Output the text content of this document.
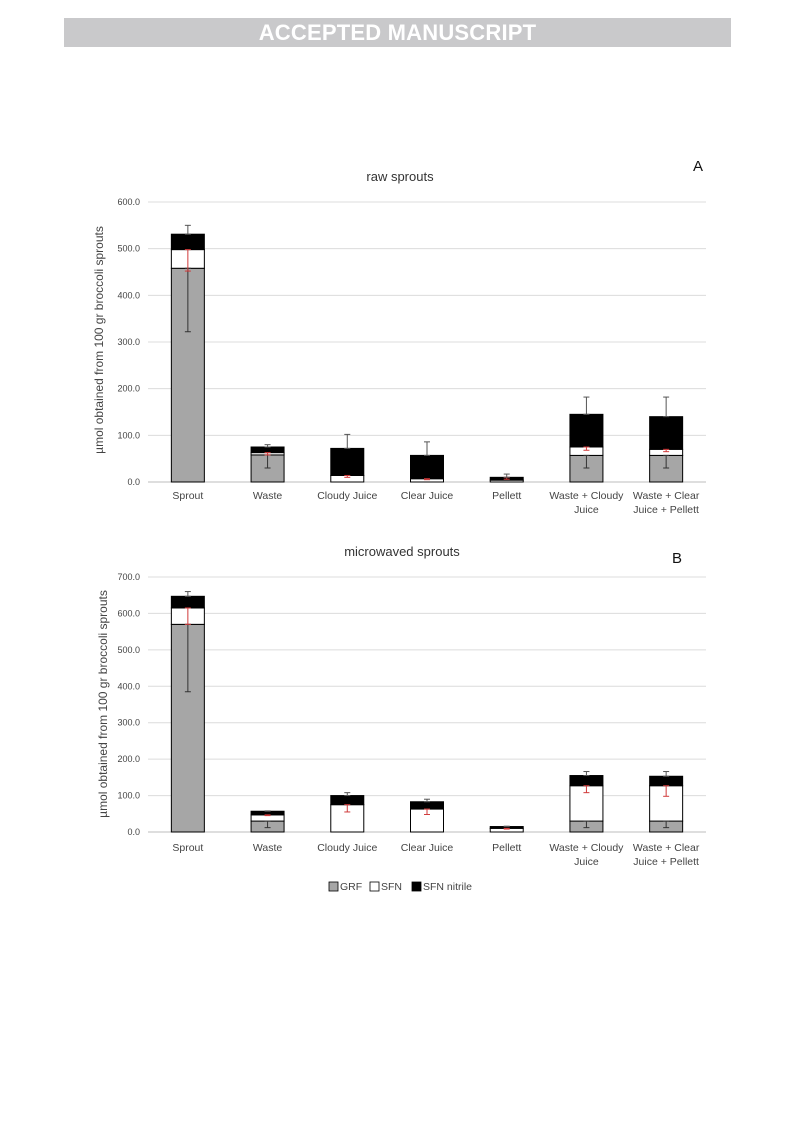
ACCEPTED MANUSCRIPT
raw sprouts
A
µmol obtained from 100 gr broccoli sprouts
0.0
100.0
200.0
300.0
400.0
500.0
600.0
Sprout	Waste	Cloudy Juice Clear Juice	Pellett	Waste + Cloudy
Juice
Waste + Clear
Juice + Pellett
microwaved sprouts	B
µmol obtained from 100 gr broccoli sprouts
0.0
100.0
200.0
300.0
400.0
500.0
600.0
700.0
Sprout	Waste	Cloudy Juice Clear Juice	Pellett	Waste + Cloudy
Juice
Waste + Clear
Juice + Pellett
GRF SFN SFN nitrile
